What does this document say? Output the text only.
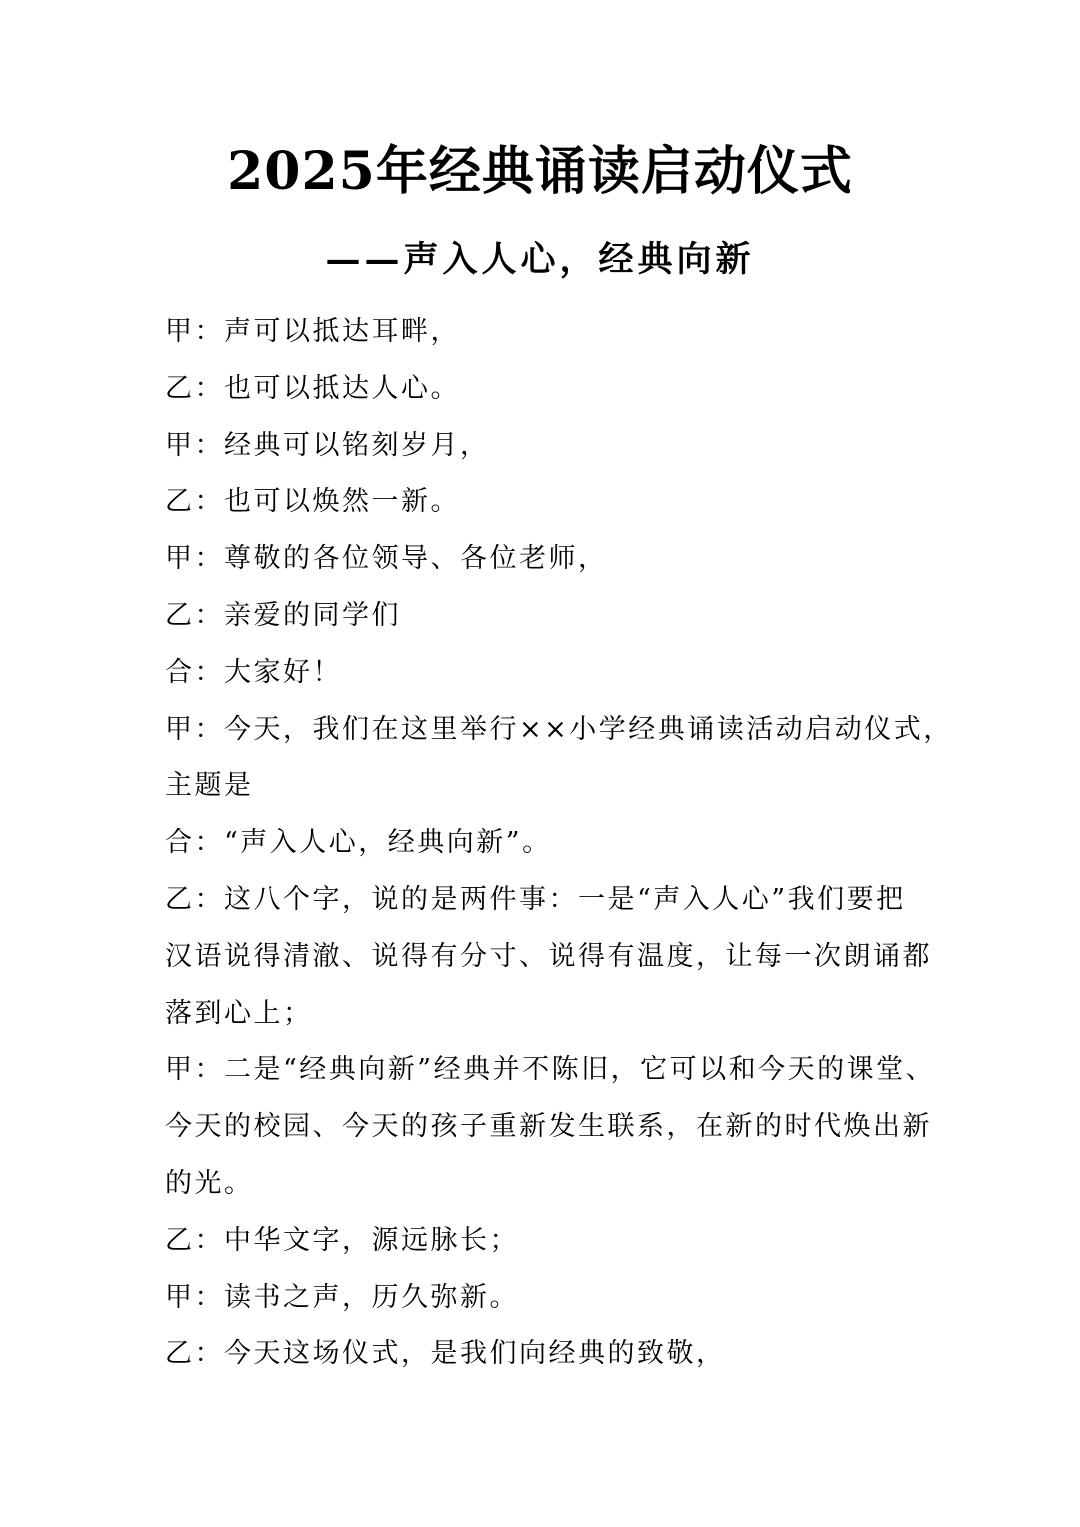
2025年经典诵读启动仪式
——声入人心，经典向新

甲：声可以抵达耳畔，

乙：也可以抵达人心。

甲：经典可以铭刻岁月，

乙：也可以焕然一新。

甲：尊敬的各位领导、各位老师，

乙：亲爱的同学们

合：大家好！

甲：今天，我们在这里举行××小学经典诵读活动启动仪式，

主题是

合：“声入人心，经典向新”。

乙：这八个字，说的是两件事：一是“声入人心”我们要把

汉语说得清澈、说得有分寸、说得有温度，让每一次朗诵都

落到心上；

甲：二是“经典向新”经典并不陈旧，它可以和今天的课堂、

今天的校园、今天的孩子重新发生联系，在新的时代焕出新

的光。

乙：中华文字，源远脉长；

甲：读书之声，历久弥新。

乙：今天这场仪式，是我们向经典的致敬，
